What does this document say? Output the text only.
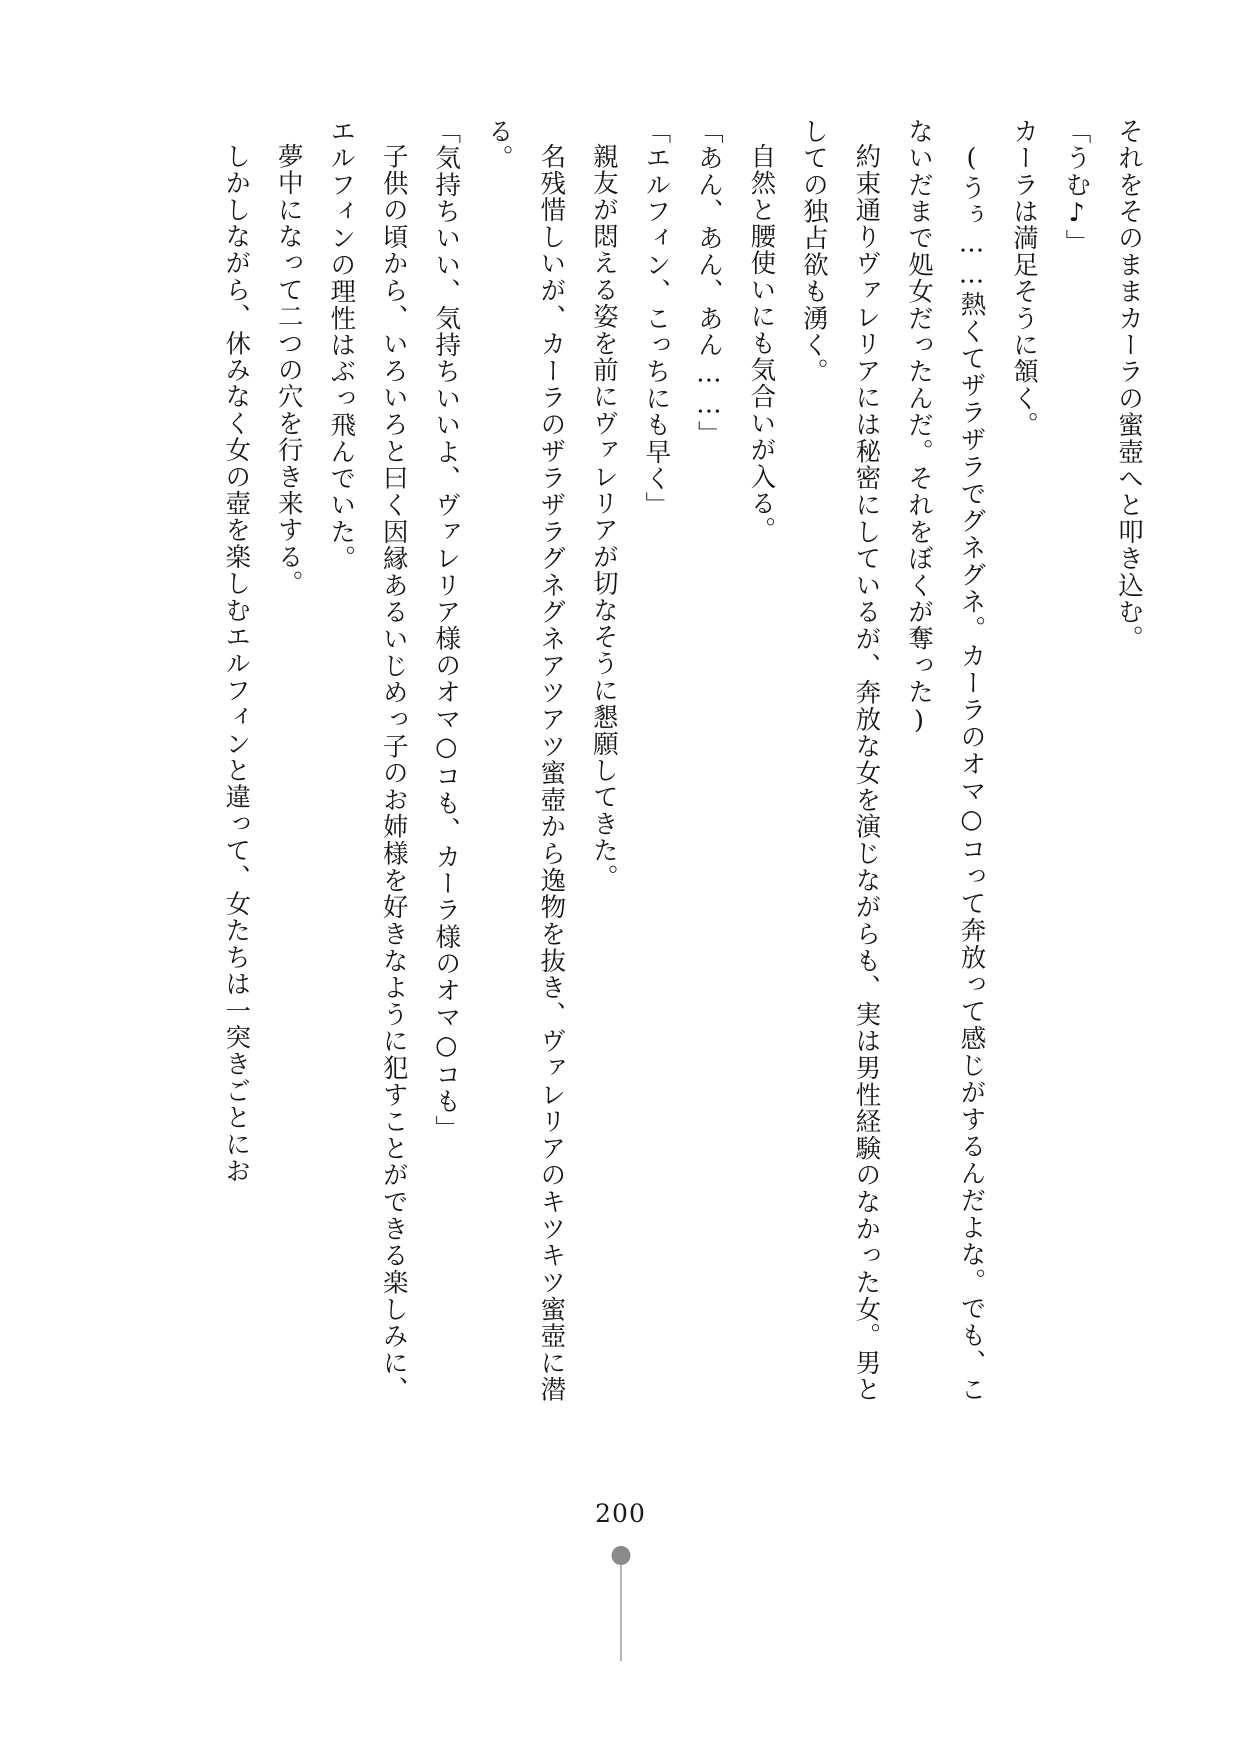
それをそのままカーラの蜜壺へと叩き込む。

「うむ♪」

カーラは満足そうに頷く。

(うぅ……熱くてザラザラでグネグネ。カーラのオマ○コって奔放って感じがするんだよな。でも、こないだまで処女だったんだ。それをぼくが奪った)

約束通りヴァレリアには秘密にしているが、奔放な女を演じながらも、実は男性経験のなかった女。男としての独占欲も湧く。

自然と腰使いにも気合いが入る。

「あん、あん、あん……」

「エルフィン、こっちにも早く」

親友が悶える姿を前にヴァレリアが切なそうに懇願してきた。

名残惜しいが、カーラのザラザラグネグネアツアツ蜜壺から逸物を抜き、ヴァレリアのキツキツ蜜壺に潜る。

「気持ちいい、気持ちいいよ、ヴァレリア様のオマ○コも、カーラ様のオマ○コも」

子供の頃から、いろいろと曰く因縁あるいじめっ子のお姉様を好きなように犯すことができる楽しみに、エルフィンの理性はぶっ飛んでいた。

夢中になって二つの穴を行き来する。

しかしながら、休みなく女の壺を楽しむエルフィンと違って、女たちは一突きごとにお

200
